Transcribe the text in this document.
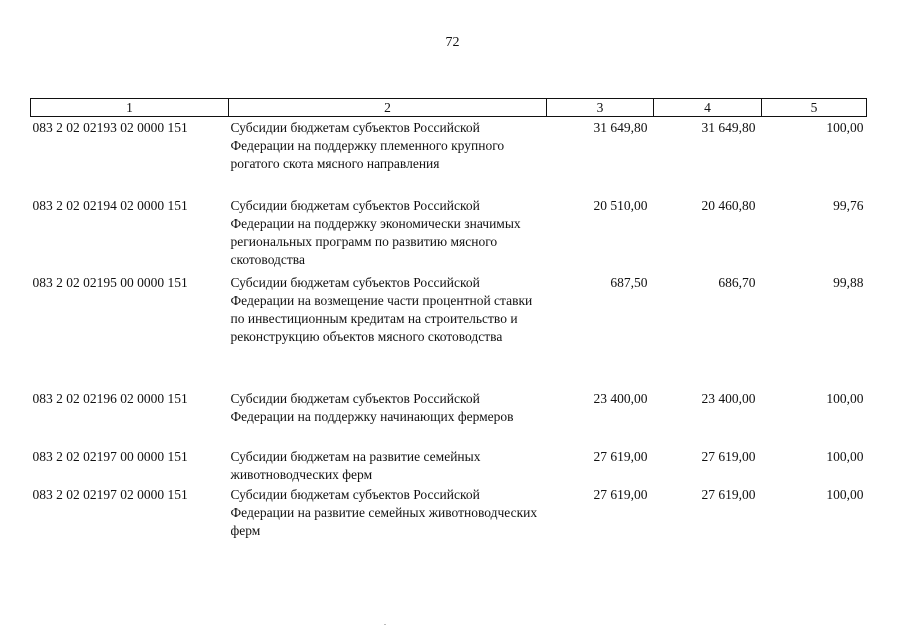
72
1	2	3	4	5
083 2 02 02193 02 0000 151	Субсидии бюджетам субъектов Российской Федерации на поддержку племенного крупного рогатого скота мясного направления	31 649,80	31 649,80	100,00
083 2 02 02194 02 0000 151	Субсидии бюджетам субъектов Российской Федерации на поддержку экономически значимых региональных программ по развитию мясного скотоводства	20 510,00	20 460,80	99,76
083 2 02 02195 00 0000 151	Субсидии бюджетам субъектов Российской Федерации на возмещение части процентной ставки по инвестиционным кредитам на строительство и реконструкцию объектов мясного скотоводства	687,50	686,70	99,88
083 2 02 02196 02 0000 151	Субсидии бюджетам субъектов Российской Федерации на поддержку начинающих фермеров	23 400,00	23 400,00	100,00
083 2 02 02197 00 0000 151	Субсидии бюджетам на развитие семейных животноводческих ферм	27 619,00	27 619,00	100,00
083 2 02 02197 02 0000 151	Субсидии бюджетам субъектов Российской Федерации на развитие семейных животноводческих ферм	27 619,00	27 619,00	100,00
